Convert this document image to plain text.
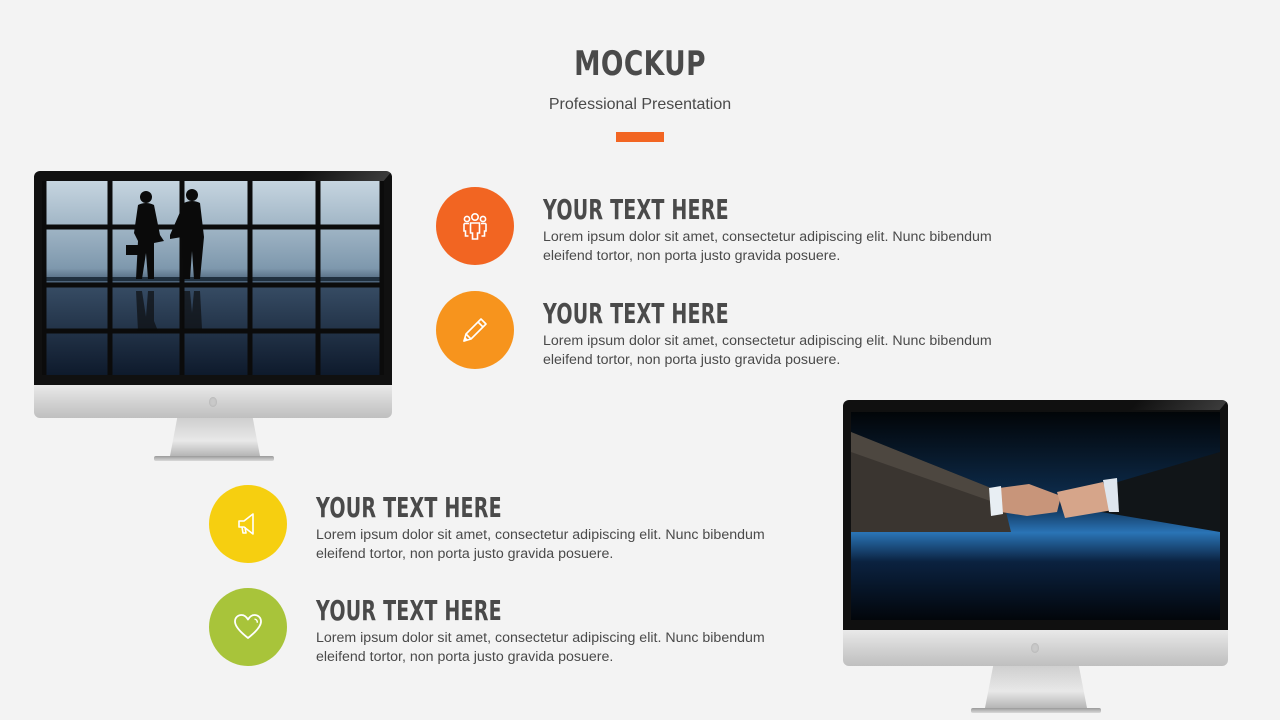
MOCKUP
Professional Presentation
YOUR TEXT HERE
Lorem ipsum dolor sit amet, consectetur adipiscing elit. Nunc bibendum eleifend tortor, non porta justo gravida posuere.
YOUR TEXT HERE
Lorem ipsum dolor sit amet, consectetur adipiscing elit. Nunc bibendum eleifend tortor, non porta justo gravida posuere.
YOUR TEXT HERE
Lorem ipsum dolor sit amet, consectetur adipiscing elit. Nunc bibendum eleifend tortor, non porta justo gravida posuere.
YOUR TEXT HERE
Lorem ipsum dolor sit amet, consectetur adipiscing elit. Nunc bibendum eleifend tortor, non porta justo gravida posuere.
